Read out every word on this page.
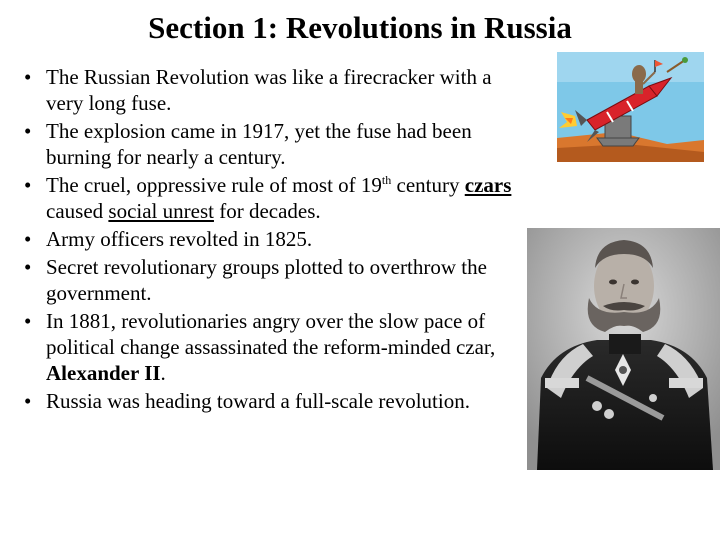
Section 1: Revolutions in Russia
• The Russian Revolution was like a firecracker with a very long fuse.
• The explosion came in 1917, yet the fuse had been burning for nearly a century.
• The cruel, oppressive rule of most of 19th century czars caused social unrest for decades.
• Army officers revolted in 1825.
• Secret revolutionary groups plotted to overthrow the government.
• In 1881, revolutionaries angry over the slow pace of political change assassinated the reform-minded czar, Alexander II.
• Russia was heading toward a full-scale revolution.
